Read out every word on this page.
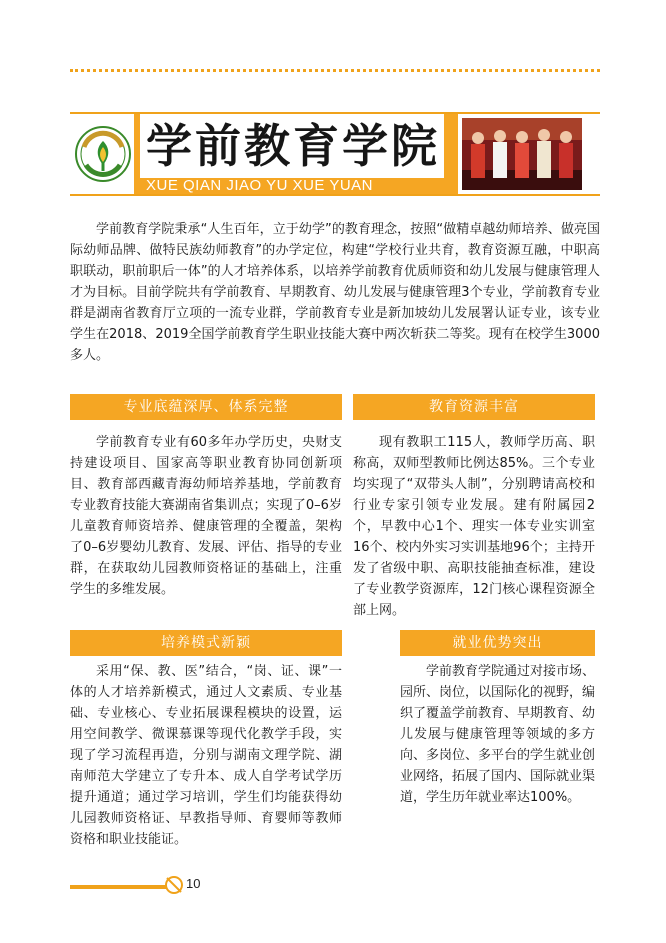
学前教育学院
XUE QIAN JIAO YU XUE YUAN

学前教育学院秉承“人生百年，立于幼学”的教育理念，按照“做精卓越幼师培养、做亮国际幼师品牌、做特民族幼师教育”的办学定位，构建“学校行业共育，教育资源互融，中职高职联动，职前职后一体”的人才培养体系，以培养学前教育优质师资和幼儿发展与健康管理人才为目标。目前学院共有学前教育、早期教育、幼儿发展与健康管理3个专业，学前教育专业群是湖南省教育厅立项的一流专业群，学前教育专业是新加坡幼儿发展署认证专业，该专业学生在2018、2019全国学前教育学生职业技能大赛中两次斩获二等奖。现有在校学生3000多人。

专业底蕴深厚、体系完整

学前教育专业有60多年办学历史，央财支持建设项目、国家高等职业教育协同创新项目、教育部西藏青海幼师培养基地，学前教育专业教育技能大赛湖南省集训点；实现了0–6岁儿童教育师资培养、健康管理的全覆盖，架构了0–6岁婴幼儿教育、发展、评估、指导的专业群，在获取幼儿园教师资格证的基础上，注重学生的多维发展。

教育资源丰富

现有教职工115人，教师学历高、职称高，双师型教师比例达85%。三个专业均实现了“双带头人制”，分别聘请高校和行业专家引领专业发展。建有附属园2个，早教中心1个、理实一体专业实训室16个、校内外实习实训基地96个；主持开发了省级中职、高职技能抽查标准，建设了专业教学资源库，12门核心课程资源全部上网。

培养模式新颖

采用“保、教、医”结合，“岗、证、课”一体的人才培养新模式，通过人文素质、专业基础、专业核心、专业拓展课程模块的设置，运用空间教学、微课慕课等现代化教学手段，实现了学习流程再造，分别与湖南文理学院、湖南师范大学建立了专升本、成人自学考试学历提升通道；通过学习培训，学生们均能获得幼儿园教师资格证、早教指导师、育婴师等教师资格和职业技能证。

就业优势突出

学前教育学院通过对接市场、园所、岗位，以国际化的视野，编织了覆盖学前教育、早期教育、幼儿发展与健康管理等领域的多方向、多岗位、多平台的学生就业创业网络，拓展了国内、国际就业渠道，学生历年就业率达100%。

10
